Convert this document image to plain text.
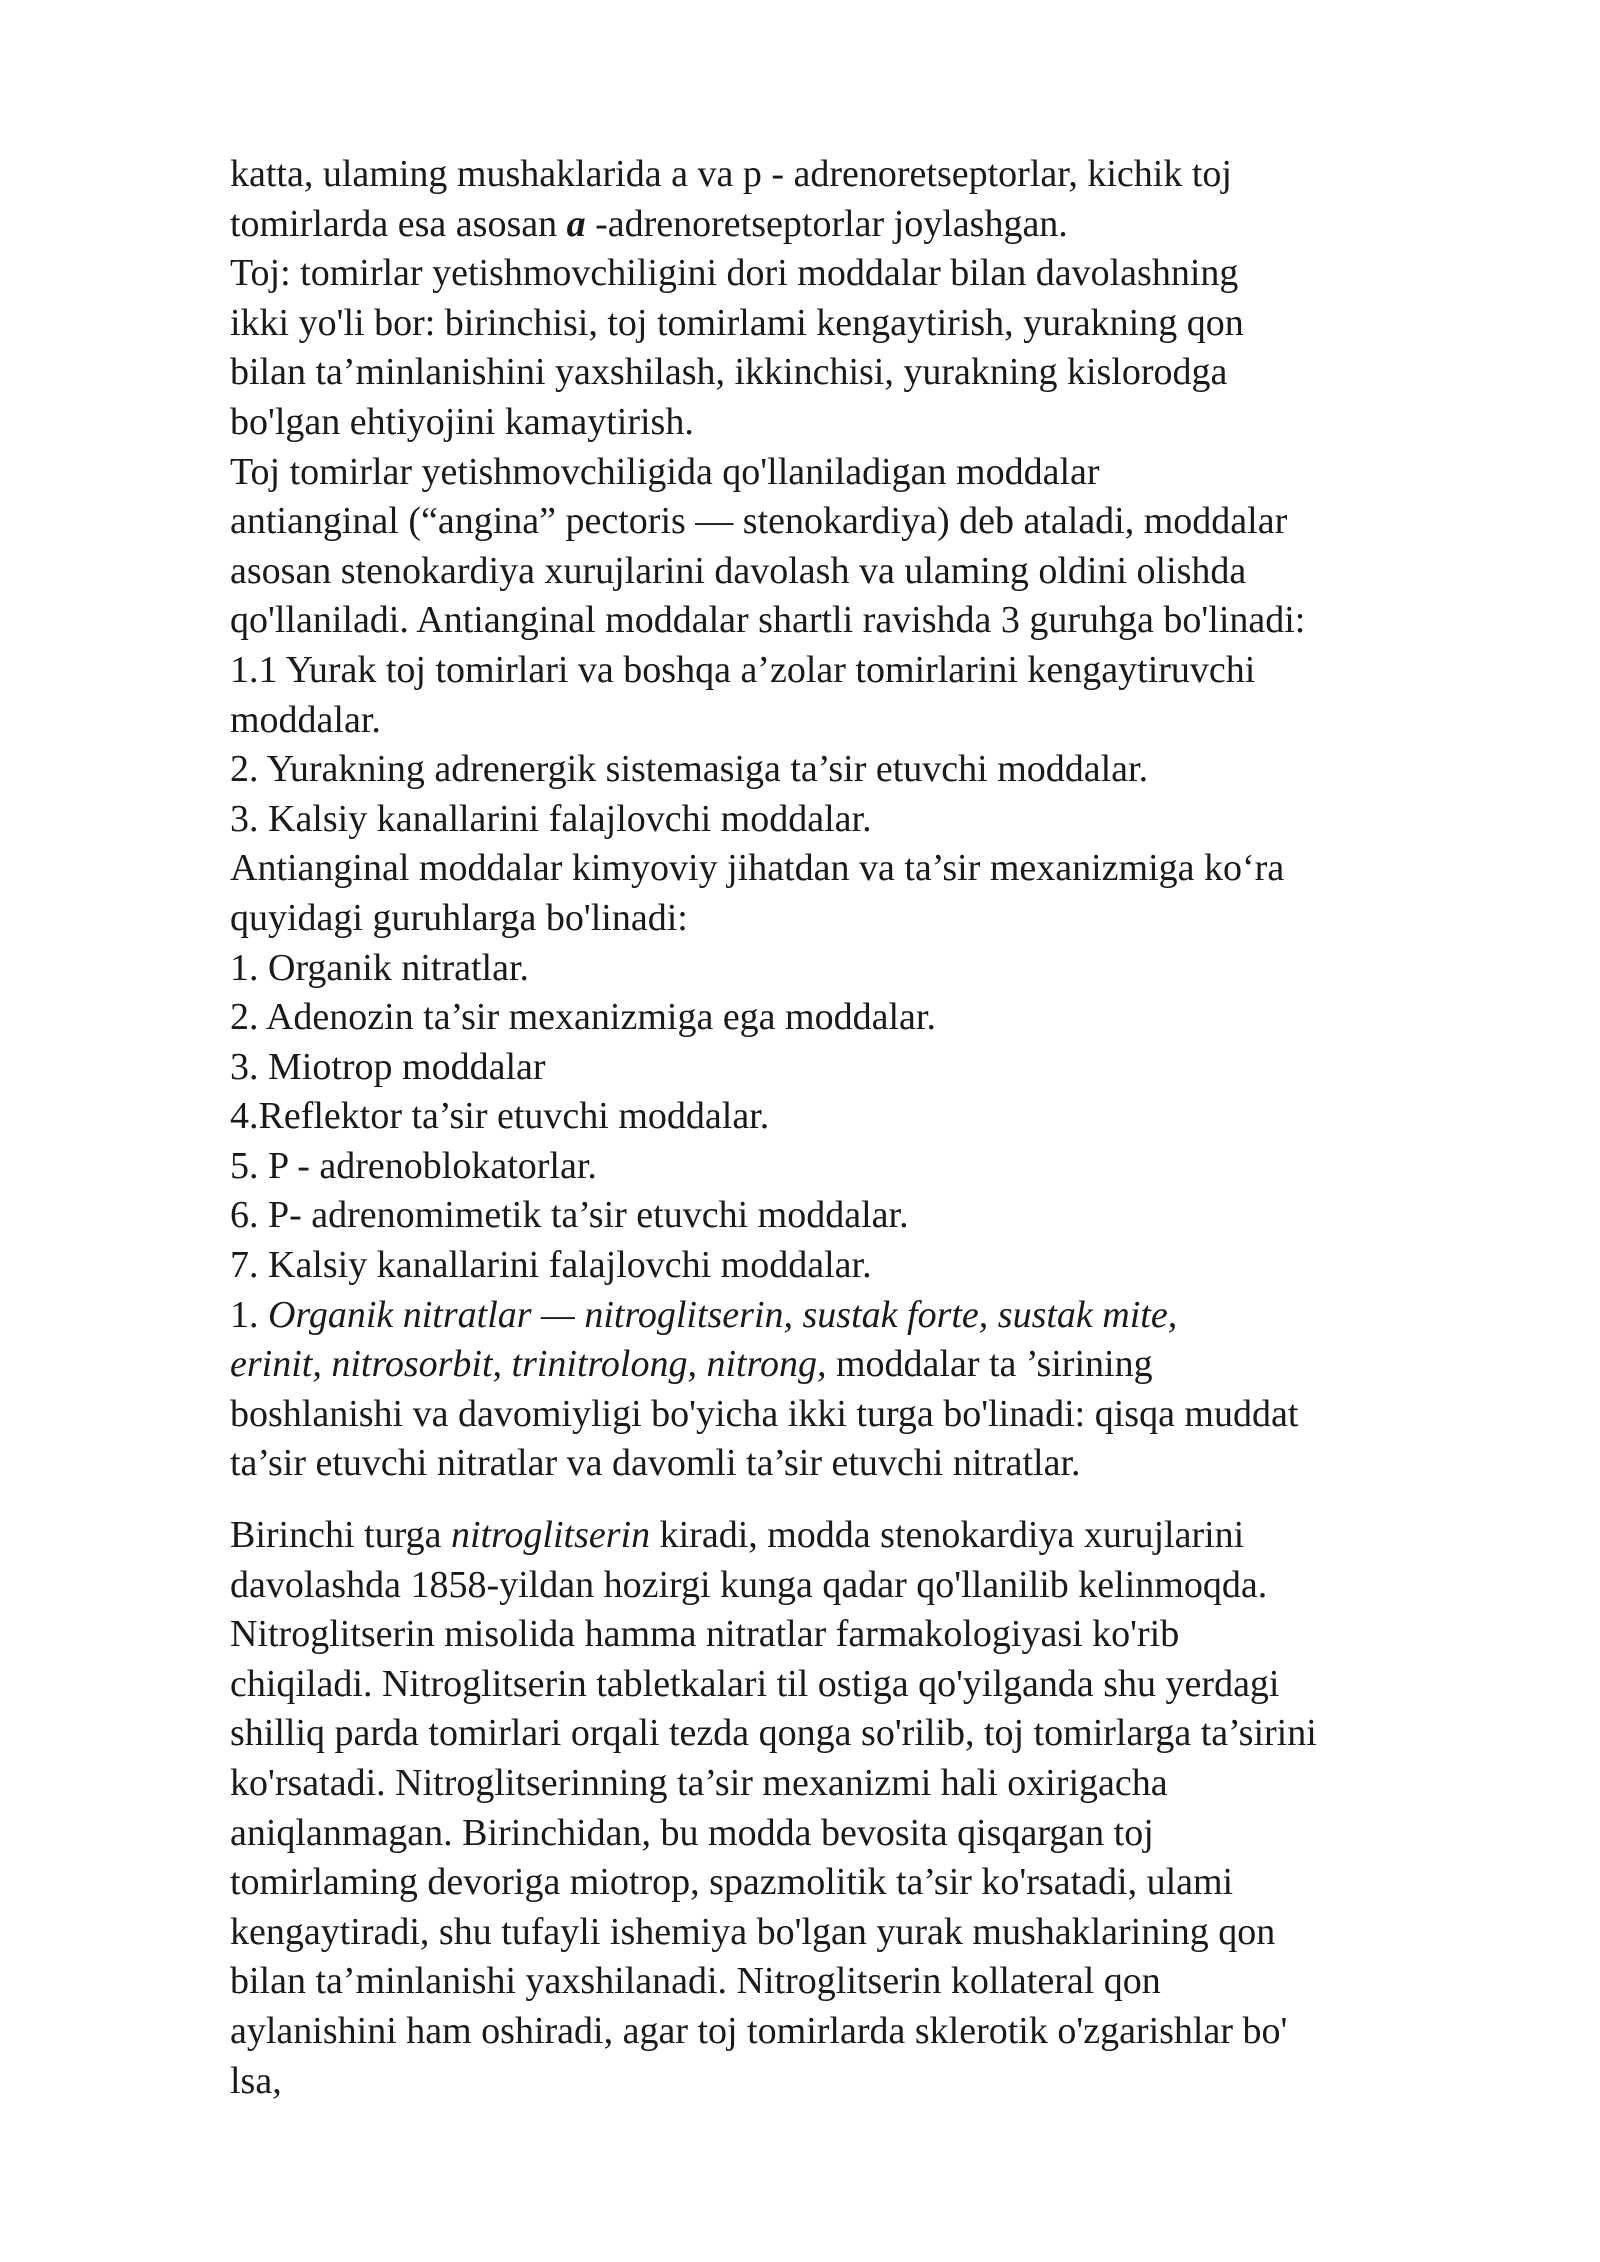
katta, ulaming mushaklarida a va p - adrenoretseptorlar, kichik toj
tomirlarda esa asosan a -adrenoretseptorlar joylashgan.
Toj: tomirlar yetishmovchiligini dori moddalar bilan davolashning
ikki yo'li bor: birinchisi, toj tomirlami kengaytirish, yurakning qon
bilan ta’minlanishini yaxshilash, ikkinchisi, yurakning kislorodga
bo'lgan ehtiyojini kamaytirish.
Toj tomirlar yetishmovchiligida qo'llaniladigan moddalar
antianginal (“angina” pectoris — stenokardiya) deb ataladi, moddalar
asosan stenokardiya xurujlarini davolash va ulaming oldini olishda
qo'llaniladi. Antianginal moddalar shartli ravishda 3 guruhga bo'linadi:
1.1 Yurak toj tomirlari va boshqa a’zolar tomirlarini kengaytiruvchi
moddalar.
2. Yurakning adrenergik sistemasiga ta’sir etuvchi moddalar.
3. Kalsiy kanallarini falajlovchi moddalar.
Antianginal moddalar kimyoviy jihatdan va ta’sir mexanizmiga ko‘ra
quyidagi guruhlarga bo'linadi:
1. Organik nitratlar.
2. Adenozin ta’sir mexanizmiga ega moddalar.
3. Miotrop moddalar
4.Reflektor ta’sir etuvchi moddalar.
5. P - adrenoblokatorlar.
6. P- adrenomimetik ta’sir etuvchi moddalar.
7. Kalsiy kanallarini falajlovchi moddalar.
1. Organik nitratlar — nitroglitserin, sustak forte, sustak mite,
erinit, nitrosorbit, trinitrolong, nitrong, moddalar ta ’sirining
boshlanishi va davomiyligi bo'yicha ikki turga bo'linadi: qisqa muddat
ta’sir etuvchi nitratlar va davomli ta’sir etuvchi nitratlar.
Birinchi turga nitroglitserin kiradi, modda stenokardiya xurujlarini
davolashda 1858-yildan hozirgi kunga qadar qo'llanilib kelinmoqda.
Nitroglitserin misolida hamma nitratlar farmakologiyasi ko'rib
chiqiladi. Nitroglitserin tabletkalari til ostiga qo'yilganda shu yerdagi
shilliq parda tomirlari orqali tezda qonga so'rilib, toj tomirlarga ta’sirini
ko'rsatadi. Nitroglitserinning ta’sir mexanizmi hali oxirigacha
aniqlanmagan. Birinchidan, bu modda bevosita qisqargan toj
tomirlaming devoriga miotrop, spazmolitik ta’sir ko'rsatadi, ulami
kengaytiradi, shu tufayli ishemiya bo'lgan yurak mushaklarining qon
bilan ta’minlanishi yaxshilanadi. Nitroglitserin kollateral qon
aylanishini ham oshiradi, agar toj tomirlarda sklerotik o'zgarishlar bo'
lsa,
